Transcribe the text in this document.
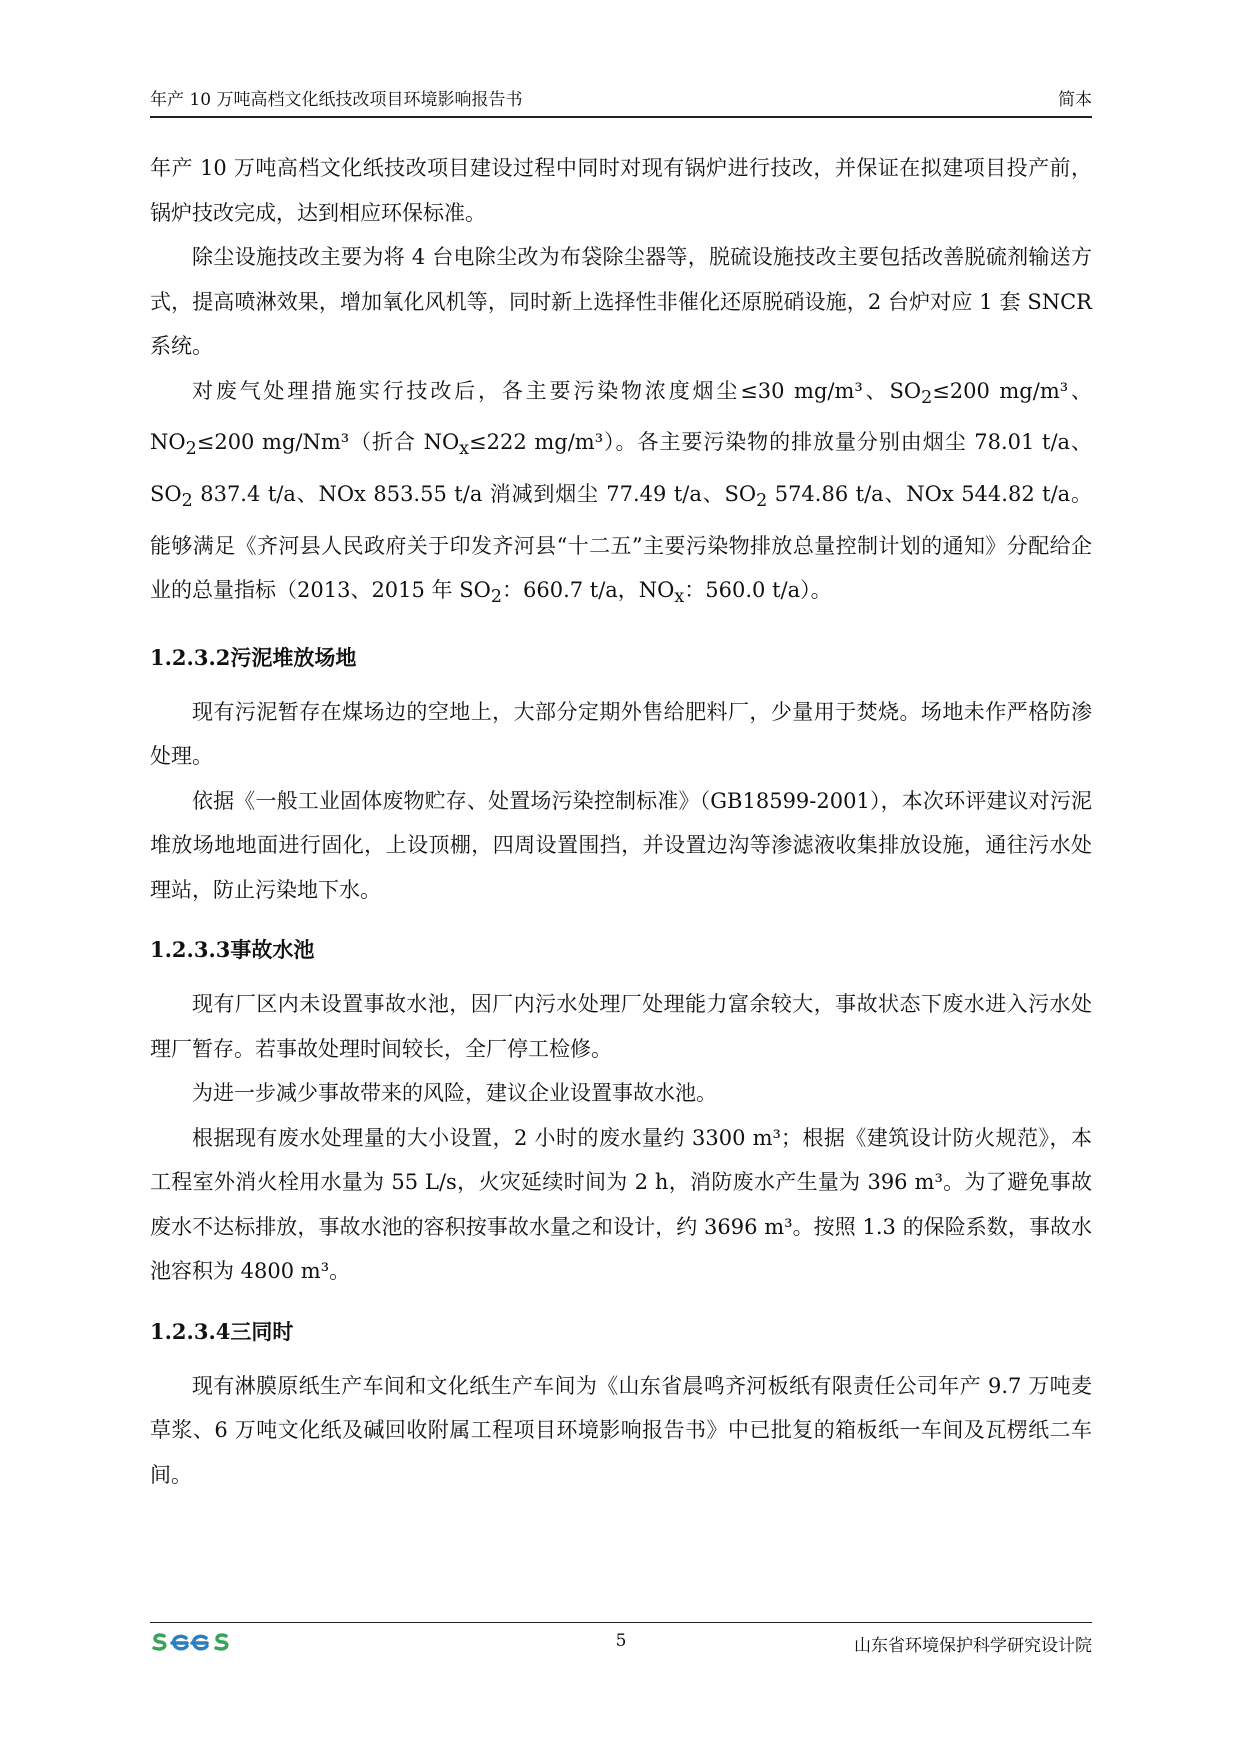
年产 10 万吨高档文化纸技改项目环境影响报告书	简本

年产 10 万吨高档文化纸技改项目建设过程中同时对现有锅炉进行技改，并保证在拟建项目投产前，锅炉技改完成，达到相应环保标准。

除尘设施技改主要为将 4 台电除尘改为布袋除尘器等，脱硫设施技改主要包括改善脱硫剂输送方式，提高喷淋效果，增加氧化风机等，同时新上选择性非催化还原脱硝设施，2 台炉对应 1 套 SNCR 系统。

对废气处理措施实行技改后，各主要污染物浓度烟尘≤30 mg/m³、$SO_2\le 200$ mg/m³、$NO_2\le 200$ mg/Nm³（折合 $NO_x\le 222$ mg/m³）。各主要污染物的排放量分别由烟尘 78.01 t/a、$SO_2$ 837.4 t/a、NOx 853.55 t/a 消减到烟尘 77.49 t/a、$SO_2$ 574.86 t/a、NOx 544.82 t/a。能够满足《齐河县人民政府关于印发齐河县“十二五”主要污染物排放总量控制计划的通知》分配给企业的总量指标（2013、2015 年 $SO_2$：660.7 t/a，$NO_x$：560.0 t/a）。

1.2.3.2污泥堆放场地

现有污泥暂存在煤场边的空地上，大部分定期外售给肥料厂，少量用于焚烧。场地未作严格防渗处理。

依据《一般工业固体废物贮存、处置场污染控制标准》（GB18599-2001），本次环评建议对污泥堆放场地地面进行固化，上设顶棚，四周设置围挡，并设置边沟等渗滤液收集排放设施，通往污水处理站，防止污染地下水。

1.2.3.3事故水池

现有厂区内未设置事故水池，因厂内污水处理厂处理能力富余较大，事故状态下废水进入污水处理厂暂存。若事故处理时间较长，全厂停工检修。

为进一步减少事故带来的风险，建议企业设置事故水池。

根据现有废水处理量的大小设置，2 小时的废水量约 3300 m³；根据《建筑设计防火规范》，本工程室外消火栓用水量为 55 L/s，火灾延续时间为 2 h，消防废水产生量为 396 m³。为了避免事故废水不达标排放，事故水池的容积按事故水量之和设计，约 3696 m³。按照 1.3 的保险系数，事故水池容积为 4800 m³。

1.2.3.4三同时

现有淋膜原纸生产车间和文化纸生产车间为《山东省晨鸣齐河板纸有限责任公司年产 9.7 万吨麦草浆、6 万吨文化纸及碱回收附属工程项目环境影响报告书》中已批复的箱板纸一车间及瓦楞纸二车间。

5	山东省环境保护科学研究设计院
